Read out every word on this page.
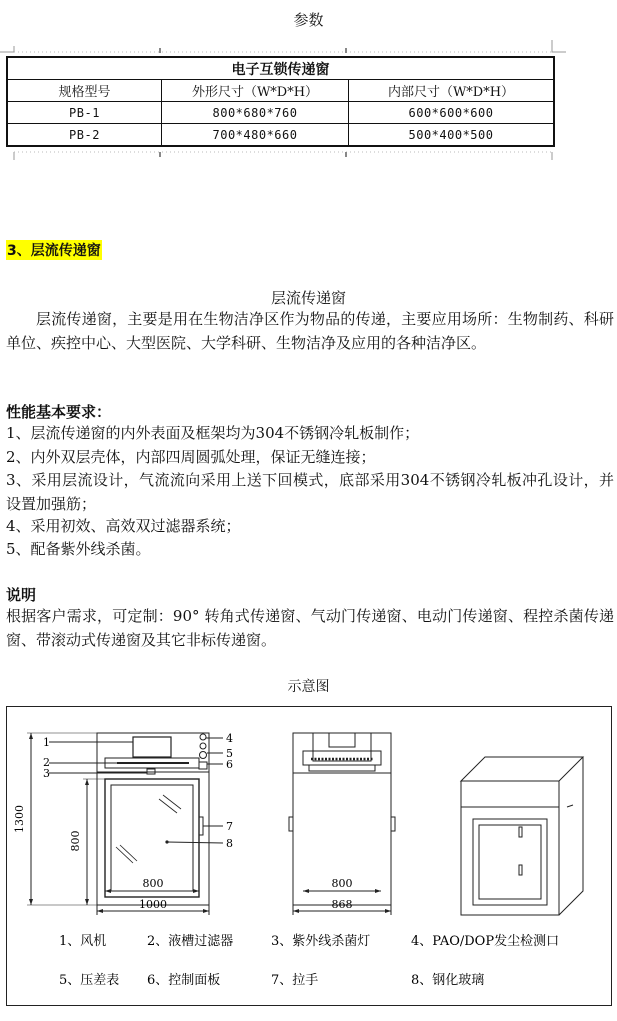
参数
电子互锁传递窗		
规格型号	外形尺寸（W*D*H）	内部尺寸（W*D*H）
PB-1	800*680*760	600*600*600
PB-2	700*480*660	500*400*500
3、层流传递窗
层流传递窗
层流传递窗，主要是用在生物洁净区作为物品的传递，主要应用场所：生物制药、科研单位、疾控中心、大型医院、大学科研、生物洁净及应用的各种洁净区。
性能基本要求：
1、层流传递窗的内外表面及框架均为304不锈钢冷轧板制作；
2、内外双层壳体，内部四周圆弧处理，保证无缝连接；
3、采用层流设计，气流流向采用上送下回模式，底部采用304不锈钢冷轧板冲孔设计，并设置加强筋；
4、采用初效、高效双过滤器系统；
5、配备紫外线杀菌。
说明
根据客户需求，可定制：90° 转角式传递窗、气动门传递窗、电动门传递窗、程控杀菌传递窗、带滚动式传递窗及其它非标传递窗。
示意图
1300
800
800
1000
800
868
1
2
3
4
5
6
7
8
1、风机	2、液槽过滤器	3、紫外线杀菌灯	4、PAO/DOP发尘检测口
5、压差表 6、控制面板	7、拉手	8、钢化玻璃
